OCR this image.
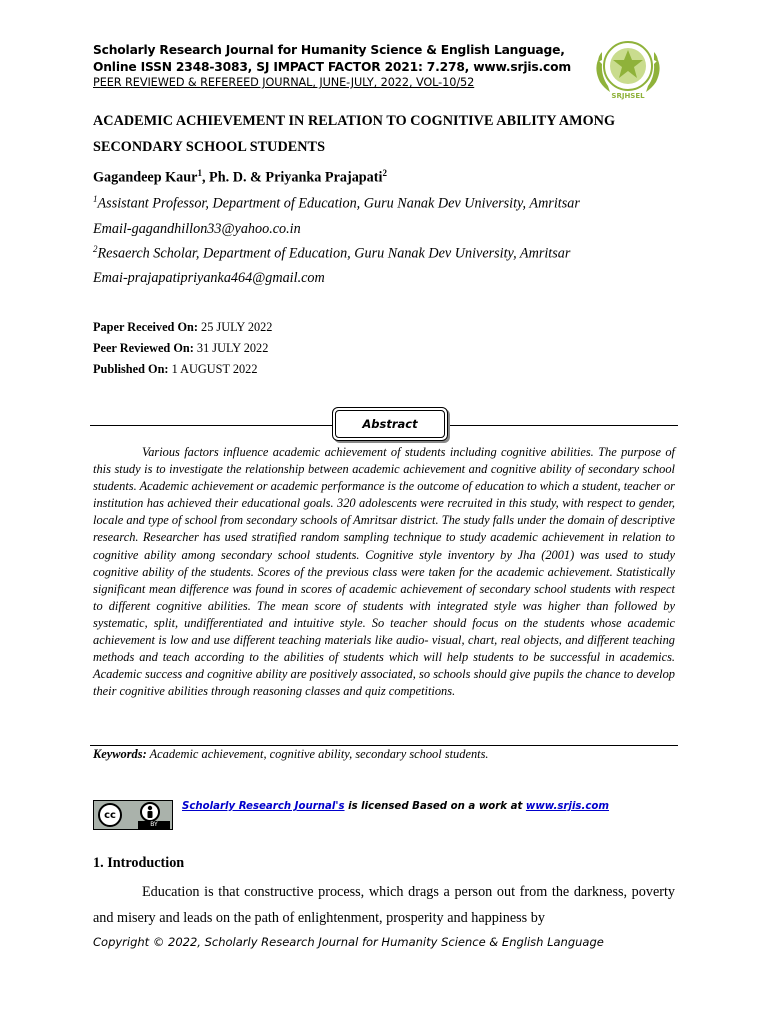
Scholarly Research Journal for Humanity Science & English Language,
Online ISSN 2348-3083, SJ IMPACT FACTOR 2021: 7.278, www.srjis.com
PEER REVIEWED & REFEREED JOURNAL, JUNE-JULY, 2022, VOL-10/52
SRJHSEL
ACADEMIC ACHIEVEMENT IN RELATION TO COGNITIVE ABILITY AMONG SECONDARY SCHOOL STUDENTS
Gagandeep Kaur$^1$, Ph. D. & Priyanka Prajapati$^2$
$^1$Assistant Professor, Department of Education, Guru Nanak Dev University, Amritsar
Email-gagandhillon33@yahoo.co.in
$^2$Resaerch Scholar, Department of Education, Guru Nanak Dev University, Amritsar
Emai-prajapatipriyanka464@gmail.com
Paper Received On: 25 JULY 2022
Peer Reviewed On: 31 JULY 2022
Published On: 1 AUGUST 2022
Abstract
Various factors influence academic achievement of students including cognitive abilities. The purpose of this study is to investigate the relationship between academic achievement and cognitive ability of secondary school students. Academic achievement or academic performance is the outcome of education to which a student, teacher or institution has achieved their educational goals. 320 adolescents were recruited in this study, with respect to gender, locale and type of school from secondary schools of Amritsar district. The study falls under the domain of descriptive research. Researcher has used stratified random sampling technique to study academic achievement in relation to cognitive ability among secondary school students. Cognitive style inventory by Jha (2001) was used to study cognitive ability of the students. Scores of the previous class were taken for the academic achievement. Statistically significant mean difference was found in scores of academic achievement of secondary school students with respect to different cognitive abilities. The mean score of students with integrated style was higher than followed by systematic, split, undifferentiated and intuitive style. So teacher should focus on the students whose academic achievement is low and use different teaching materials like audio- visual, chart, real objects, and different teaching methods and teach according to the abilities of students which will help students to be successful in academics. Academic success and cognitive ability are positively associated, so schools should give pupils the chance to develop their cognitive abilities through reasoning classes and quiz competitions.
Keywords: Academic achievement, cognitive ability, secondary school students.
cc
BY
Scholarly Research Journal's is licensed Based on a work at www.srjis.com
1. Introduction
Education is that constructive process, which drags a person out from the darkness, poverty and misery and leads on the path of enlightenment, prosperity and happiness by
Copyright © 2022, Scholarly Research Journal for Humanity Science & English Language
